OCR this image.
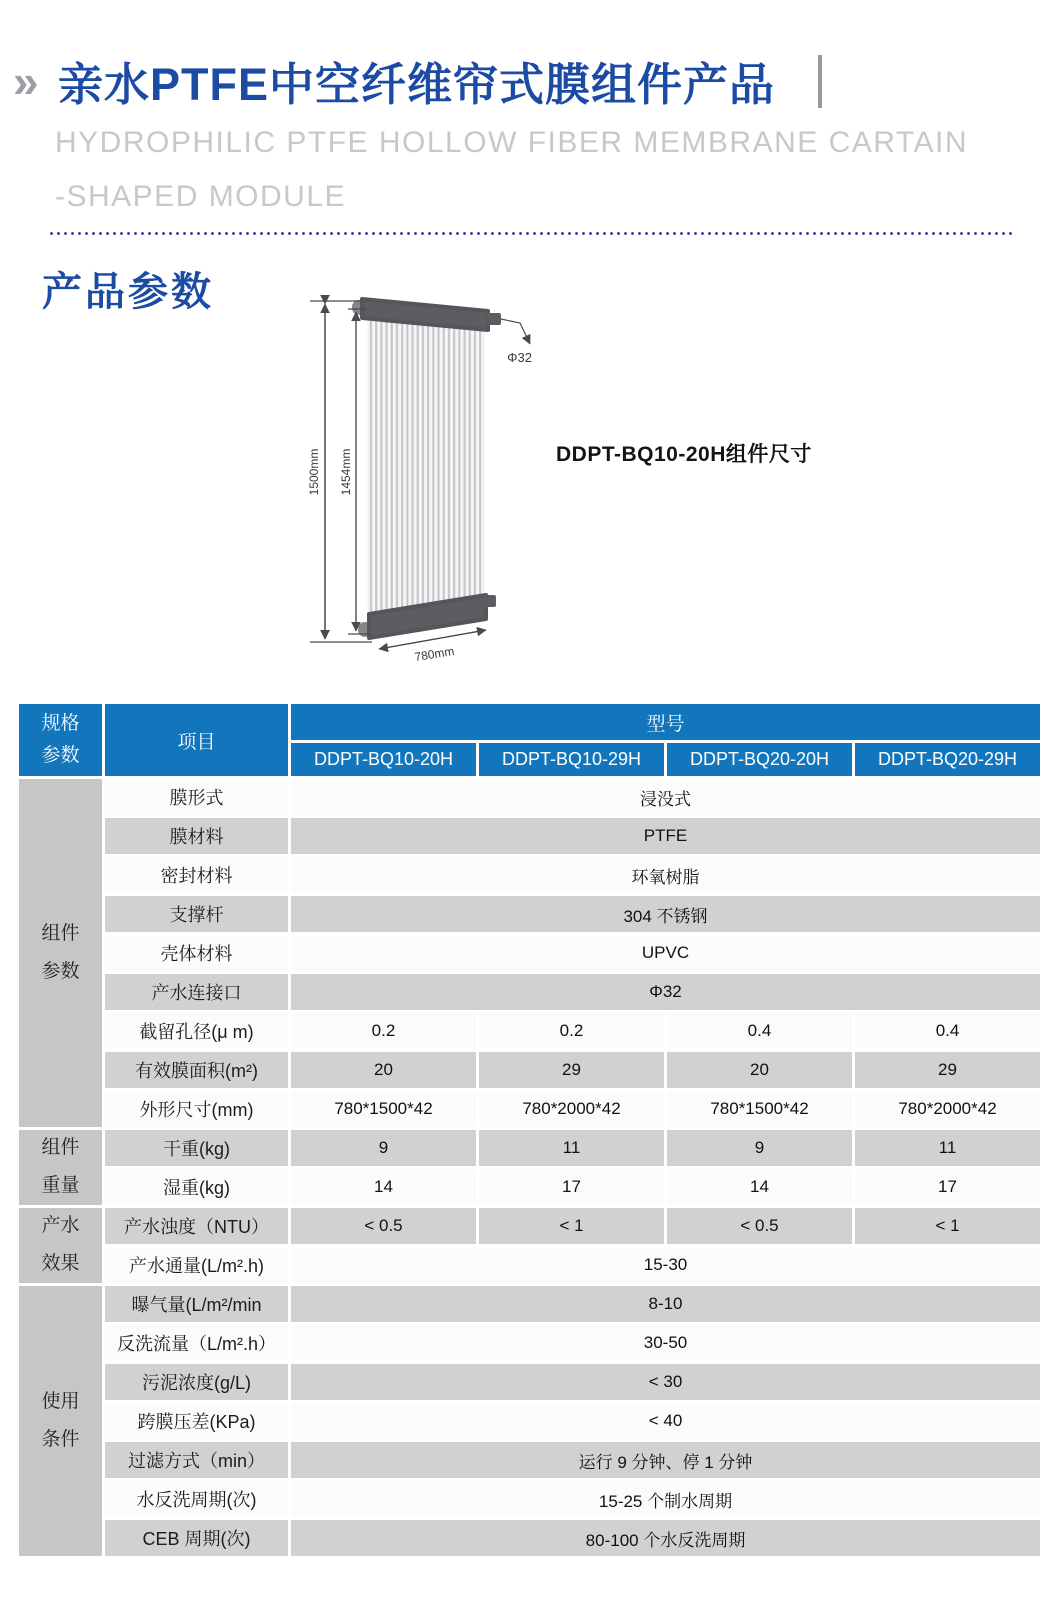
» 亲水PTFE中空纤维帘式膜组件产品
HYDROPHILIC PTFE HOLLOW FIBER MEMBRANE CARTAIN
-SHAPED MODULE
产品参数
1500mm 1454mm
780mm
Φ32
DDPT-BQ10-20H组件尺寸
规格
参数	项目	型号			
		DDPT-BQ10-20H	DDPT-BQ10-29H	DDPT-BQ20-20H	DDPT-BQ20-29H

组件
参数	膜形式	浸没式			
	膜材料	PTFE			
	密封材料	环氧树脂			
	支撑杆	304 不锈钢			
	壳体材料	UPVC			
	产水连接口	Φ32			
	截留孔径(μ m)	0.2	0.2	0.4	0.4
	有效膜面积(m²)	20	29	20	29
	外形尺寸(mm)	780*1500*42	780*2000*42	780*1500*42	780*2000*42

组件
重量	干重(kg)	9	11	9	11
	湿重(kg)	14	17	14	17

产水
效果	产水浊度（NTU）	< 0.5	< 1	< 0.5	< 1
	产水通量(L/m².h)	15-30			

使用
条件	曝气量(L/m²/min	8-10			
	反洗流量（L/m².h）	30-50			
	污泥浓度(g/L)	< 30			
	跨膜压差(KPa)	< 40			
	过滤方式（min）	运行 9 分钟、停 1 分钟			
	水反洗周期(次)	15-25 个制水周期			
	CEB 周期(次)	80-100 个水反洗周期			
